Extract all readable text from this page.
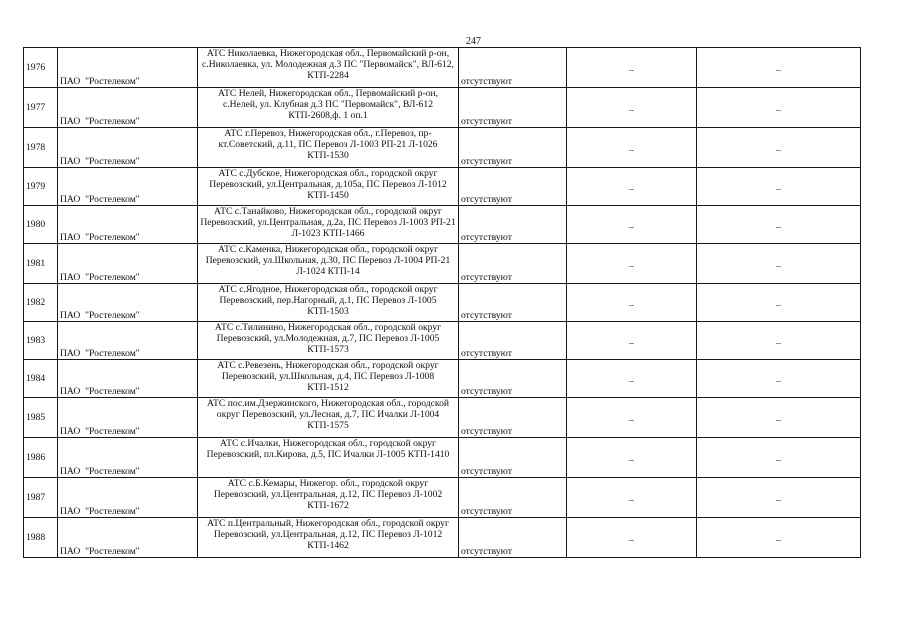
247
1976	ПАО  "Ростелеком"	АТС Николаевка, Нижегородская обл., Первомайский р-он, с.Николаевка, ул. Молодежная д.3 ПС "Первомайск", ВЛ-612, КТП-2284	отсутствуют	_	_
1977	ПАО  "Ростелеком"	АТС Нелей, Нижегородская обл., Первомайский р-он, с.Нелей, ул. Клубная д.3 ПС "Первомайск", ВЛ-612 КТП-2608,ф. 1 оп.1	отсутствуют	_	_
1978	ПАО  "Ростелеком"	АТС г.Перевоз, Нижегородская обл., г.Перевоз, пр-кт.Советский, д.11, ПС Перевоз Л-1003 РП-21 Л-1026 КТП-1530	отсутствуют	_	_
1979	ПАО  "Ростелеком"	АТС с.Дубское, Нижегородская обл., городской округ Перевозский, ул.Центральная, д.105а, ПС Перевоз Л-1012 КТП-1450	отсутствуют	_	_
1980	ПАО  "Ростелеком"	АТС с.Танайково, Нижегородская обл., городской округ Перевозский, ул.Центральная, д.2а, ПС Перевоз Л-1003 РП-21 Л-1023 КТП-1466	отсутствуют	_	_
1981	ПАО  "Ростелеком"	АТС с.Каменка, Нижегородская обл., городской округ Перевозский, ул.Школьная, д.30, ПС Перевоз Л-1004 РП-21 Л-1024 КТП-14	отсутствуют	_	_
1982	ПАО  "Ростелеком"	АТС с.Ягодное, Нижегородская обл., городской округ Перевозский, пер.Нагорный, д.1, ПС Перевоз Л-1005 КТП-1503	отсутствуют	_	_
1983	ПАО  "Ростелеком"	АТС с.Тилинино, Нижегородская обл., городской округ Перевозский, ул.Молодежная, д.7, ПС Перевоз Л-1005 КТП-1573	отсутствуют	_	_
1984	ПАО  "Ростелеком"	АТС с.Ревезень, Нижегородская обл., городской округ Перевозский, ул.Школьная, д.4, ПС Перевоз Л-1008 КТП-1512	отсутствуют	_	_
1985	ПАО  "Ростелеком"	АТС пос.им.Дзержинского, Нижегородская обл., городской округ Перевозский, ул.Лесная, д.7, ПС Ичалки Л-1004 КТП-1575	отсутствуют	_	_
1986	ПАО  "Ростелеком"	АТС с.Ичалки, Нижегородская обл., городской округ Перевозский, пл.Кирова, д.5, ПС Ичалки Л-1005 КТП-1410	отсутствуют	_	_
1987	ПАО  "Ростелеком"	АТС с.Б.Кемары, Нижегор. обл., городской округ Перевозский, ул.Центральная, д.12, ПС Перевоз Л-1002 КТП-1672	отсутствуют	_	_
1988	ПАО  "Ростелеком"	АТС п.Центральный, Нижегородская обл., городской округ Перевозский, ул.Центральная, д.12, ПС Перевоз Л-1012 КТП-1462	отсутствуют	_	_
